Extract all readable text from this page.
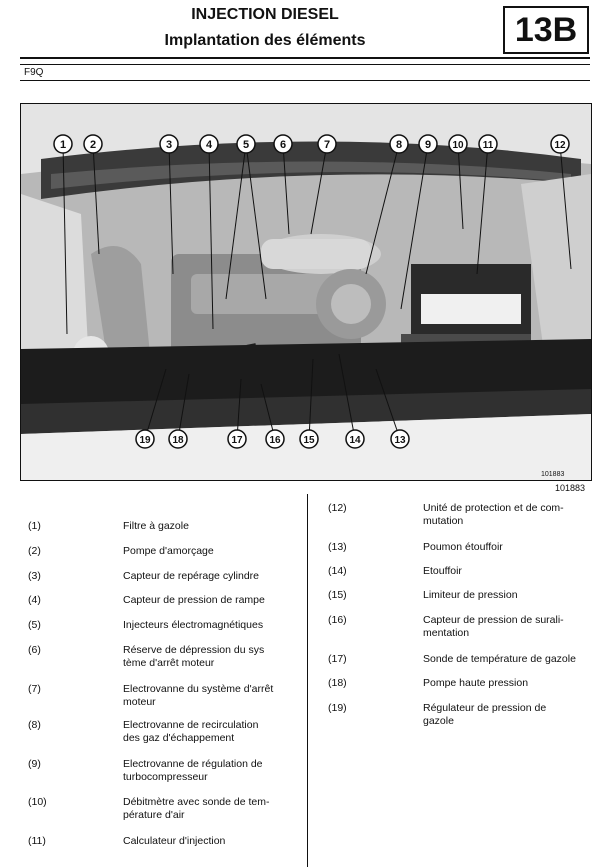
INJECTION DIESEL
Implantation des éléments	13B
F9Q
1 2	3	4	5	6	7	8 9 10 11	12
13
14
15
16
17
18
19
101883
101883
(1)	Filtre à gazole
(2)	Pompe d'amorçage
(3)	Capteur de repérage cylindre
(4)	Capteur de pression de rampe
(5)	Injecteurs électromagnétiques
(6)	Réserve de dépression du sys
tème d'arrêt moteur
(7)	Electrovanne du système d'arrêt
moteur
(8)	Electrovanne de recirculation
des gaz d'échappement
(9)	Electrovanne de régulation de
turbocompresseur
(10)	Débitmètre avec sonde de tem-
pérature d'air
(11)	Calculateur d'injection
(12)	Unité de protection et de com-
mutation
(13)	Poumon étouffoir
(14)	Etouffoir
(15)	Limiteur de pression
(16)	Capteur de pression de surali-
mentation
(17)	Sonde de température de gazole
(18)	Pompe haute pression
(19)	Régulateur de pression de
gazole
